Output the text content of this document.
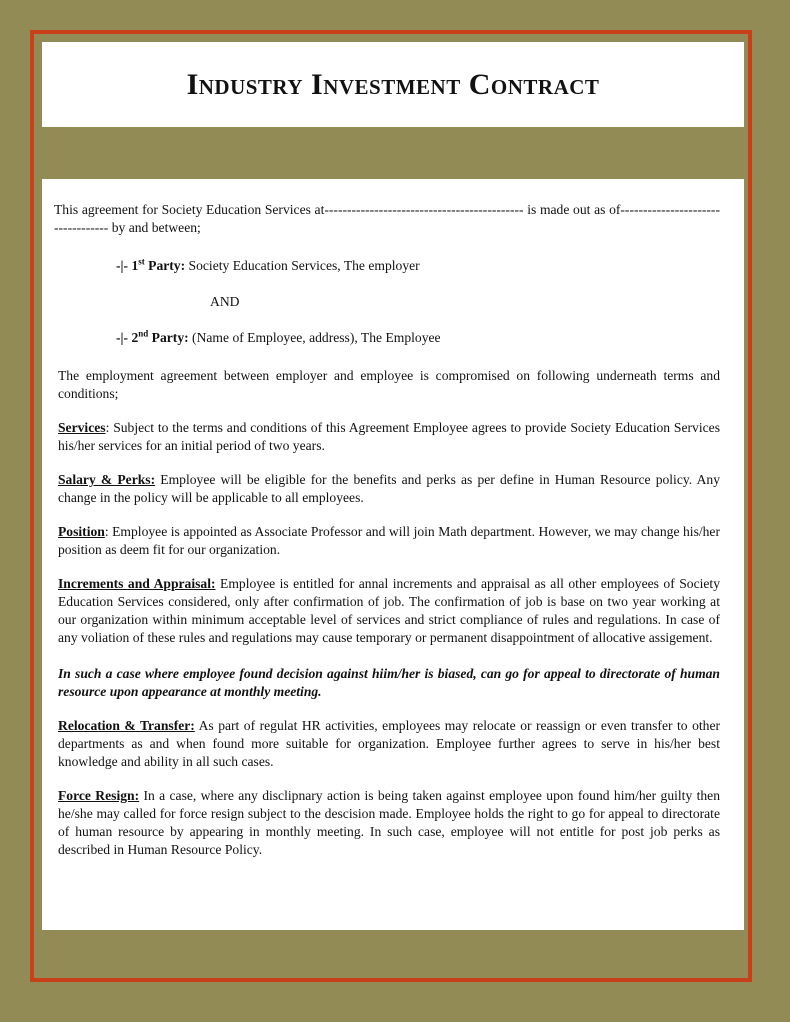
Industry Investment Contract

This agreement for Society Education Services at-------------------------------------------- is made out as of---------------------------------- by and between;

-|- 1st Party: Society Education Services, The employer

AND

-|- 2nd Party: (Name of Employee, address), The Employee

The employment agreement between employer and employee is compromised on following underneath terms and conditions;

Services: Subject to the terms and conditions of this Agreement Employee agrees to provide Society Education Services his/her services for an initial period of two years.

Salary & Perks: Employee will be eligible for the benefits and perks as per define in Human Resource policy. Any change in the policy will be applicable to all employees.

Position: Employee is appointed as Associate Professor and will join Math department. However, we may change his/her position as deem fit for our organization.

Increments and Appraisal: Employee is entitled for annal increments and appraisal as all other employees of Society Education Services considered, only after confirmation of job. The confirmation of job is base on two year working at our organization within minimum acceptable level of services and strict compliance of rules and regulations. In case of any voliation of these rules and regulations may cause temporary or permanent disappointment of allocative assigement.

In such a case where employee found decision against hiim/her is biased, can go for appeal to directorate of human resource upon appearance at monthly meeting.

Relocation & Transfer: As part of regulat HR activities, employees may relocate or reassign or even transfer to other departments as and when found more suitable for organization. Employee further agrees to serve in his/her best knowledge and ability in all such cases.

Force Resign: In a case, where any disclipnary action is being taken against employee upon found him/her guilty then he/she may called for force resign subject to the descision made. Employee holds the right to go for appeal to directorate of human resource by appearing in monthly meeting. In such case, employee will not entitle for post job perks as described in Human Resource Policy.
